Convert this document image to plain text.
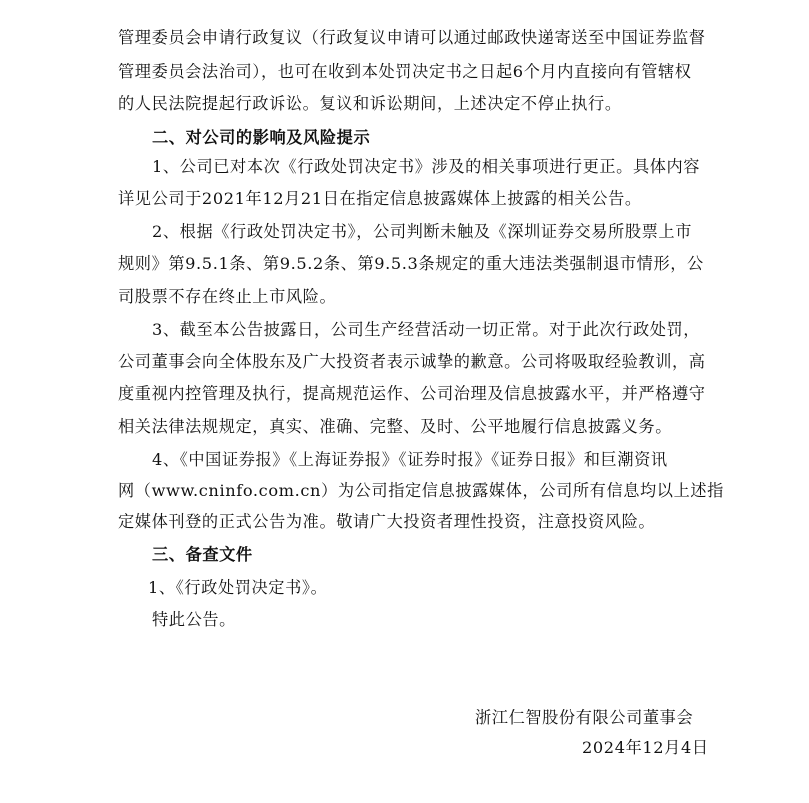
管理委员会申请行政复议（行政复议申请可以通过邮政快递寄送至中国证券监督
管理委员会法治司），也可在收到本处罚决定书之日起6个月内直接向有管辖权
的人民法院提起行政诉讼。复议和诉讼期间，上述决定不停止执行。
二、对公司的影响及风险提示
1、公司已对本次《行政处罚决定书》涉及的相关事项进行更正。具体内容
详见公司于2021年12月21日在指定信息披露媒体上披露的相关公告。
2、根据《行政处罚决定书》，公司判断未触及《深圳证券交易所股票上市
规则》第9.5.1条、第9.5.2条、第9.5.3条规定的重大违法类强制退市情形，公
司股票不存在终止上市风险。
3、截至本公告披露日，公司生产经营活动一切正常。对于此次行政处罚，
公司董事会向全体股东及广大投资者表示诚挚的歉意。公司将吸取经验教训，高
度重视内控管理及执行，提高规范运作、公司治理及信息披露水平，并严格遵守
相关法律法规规定，真实、准确、完整、及时、公平地履行信息披露义务。
4、《中国证券报》《上海证券报》《证券时报》《证券日报》和巨潮资讯
网（www.cninfo.com.cn）为公司指定信息披露媒体，公司所有信息均以上述指
定媒体刊登的正式公告为准。敬请广大投资者理性投资，注意投资风险。
三、备查文件
1、《行政处罚决定书》。
特此公告。
浙江仁智股份有限公司董事会
2024年12月4日
